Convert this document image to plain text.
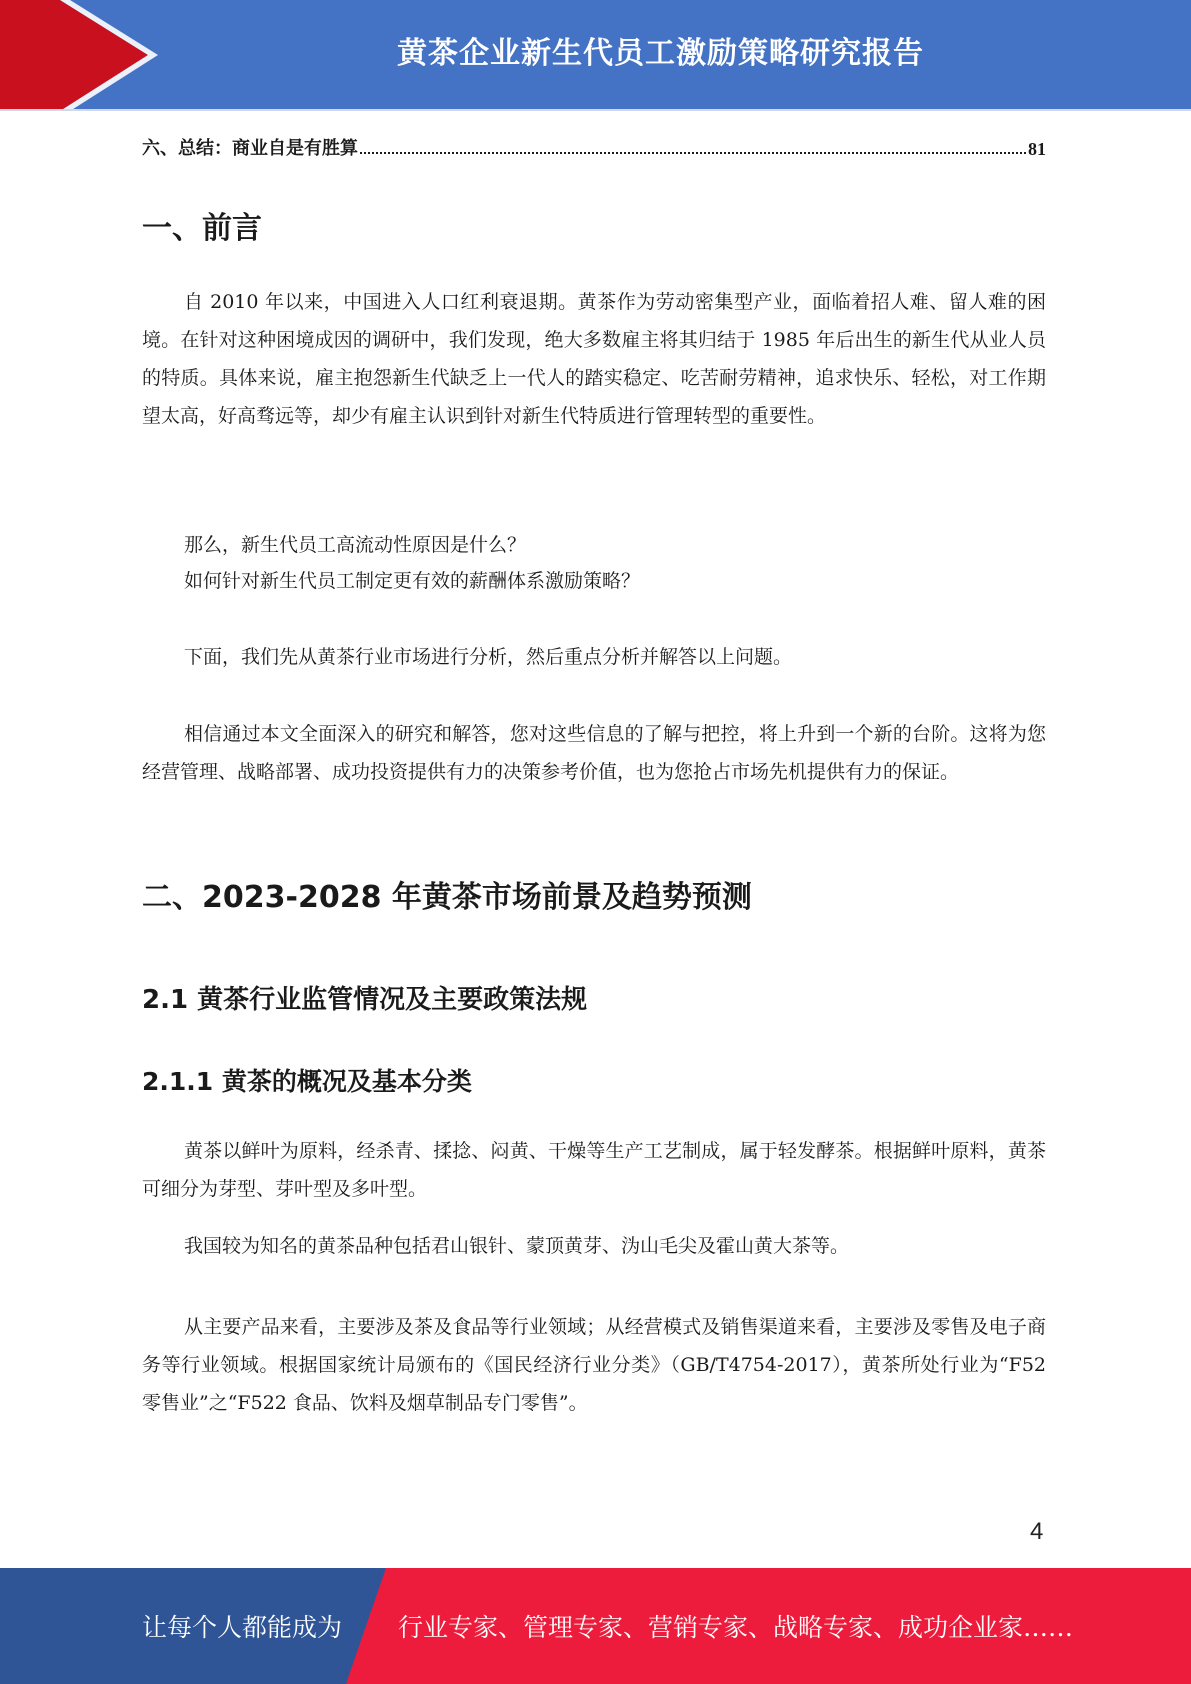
黄茶企业新生代员工激励策略研究报告
六、总结：商业自是有胜算	81
一、前言

自 2010 年以来，中国进入人口红利衰退期。黄茶作为劳动密集型产业，面临着招人难、留人难的困境。在针对这种困境成因的调研中，我们发现，绝大多数雇主将其归结于 1985 年后出生的新生代从业人员的特质。具体来说，雇主抱怨新生代缺乏上一代人的踏实稳定、吃苦耐劳精神，追求快乐、轻松，对工作期望太高，好高骛远等，却少有雇主认识到针对新生代特质进行管理转型的重要性。

那么，新生代员工高流动性原因是什么？

如何针对新生代员工制定更有效的薪酬体系激励策略？

下面，我们先从黄茶行业市场进行分析，然后重点分析并解答以上问题。

相信通过本文全面深入的研究和解答，您对这些信息的了解与把控，将上升到一个新的台阶。这将为您经营管理、战略部署、成功投资提供有力的决策参考价值，也为您抢占市场先机提供有力的保证。

二、2023-2028 年黄茶市场前景及趋势预测
2.1 黄茶行业监管情况及主要政策法规
2.1.1 黄茶的概况及基本分类

黄茶以鲜叶为原料，经杀青、揉捻、闷黄、干燥等生产工艺制成，属于轻发酵茶。根据鲜叶原料，黄茶可细分为芽型、芽叶型及多叶型。

我国较为知名的黄茶品种包括君山银针、蒙顶黄芽、沩山毛尖及霍山黄大茶等。

从主要产品来看，主要涉及茶及食品等行业领域；从经营模式及销售渠道来看，主要涉及零售及电子商务等行业领域。根据国家统计局颁布的《国民经济行业分类》（GB/T4754-2017），黄茶所处行业为“F52 零售业”之“F522 食品、饮料及烟草制品专门零售”。

4
让每个人都能成为 行业专家、管理专家、营销专家、战略专家、成功企业家……
